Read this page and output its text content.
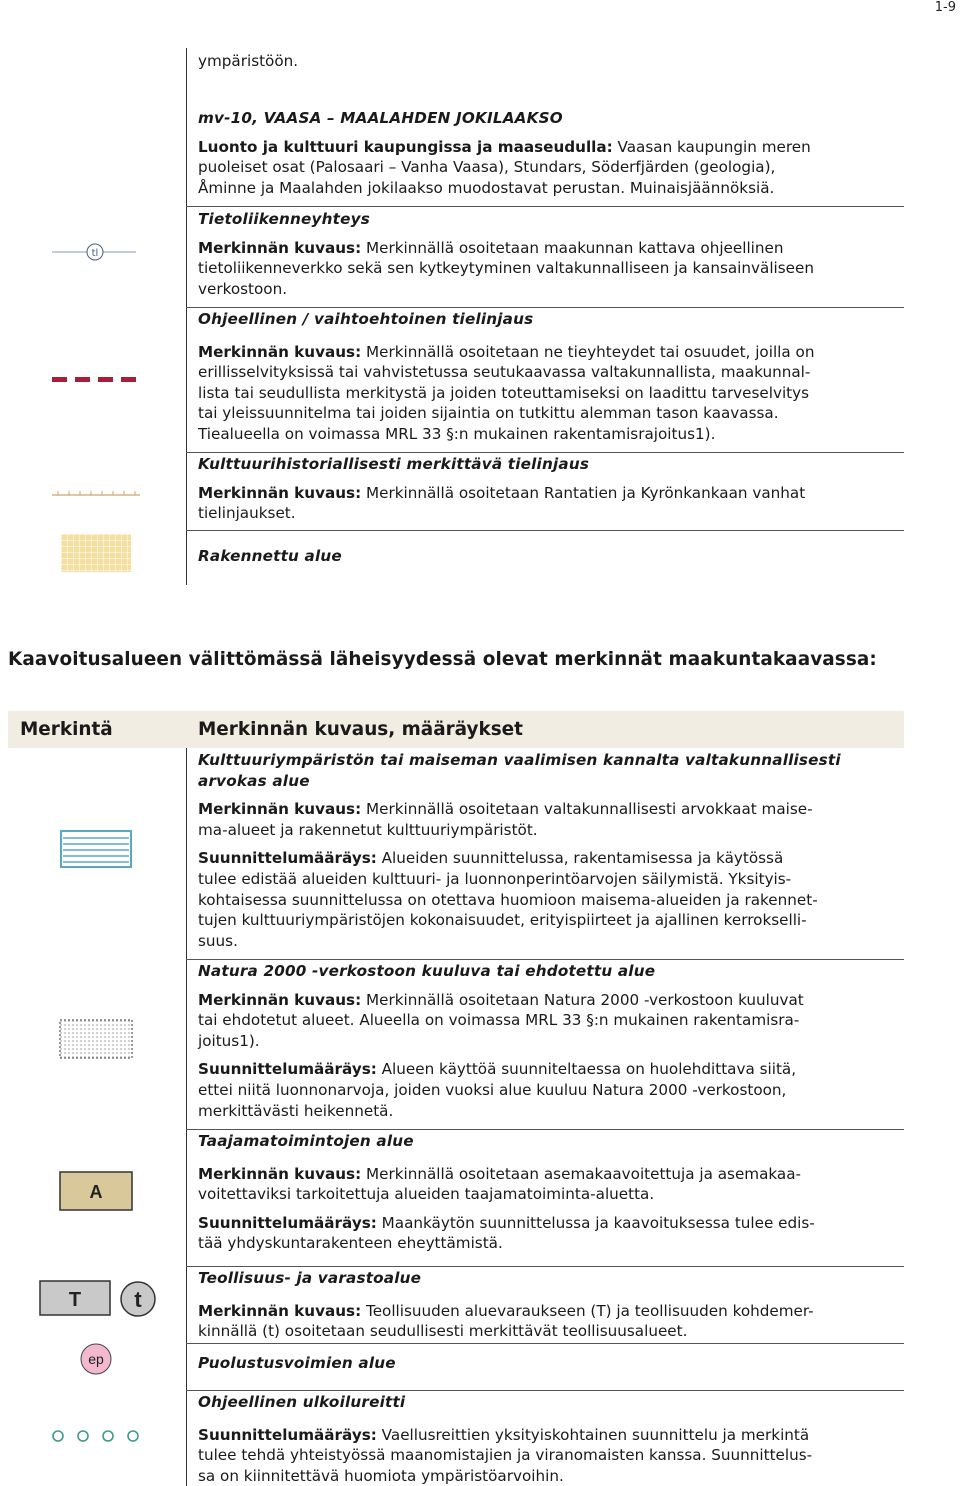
1-9
ympäristöön.
mv-10, VAASA – MAALAHDEN JOKILAAKSO
Luonto ja kulttuuri kaupungissa ja maaseudulla: Vaasan kaupungin meren
puoleiset osat (Palosaari – Vanha Vaasa), Stundars, Söderfjärden (geologia),
Åminne ja Maalahden jokilaakso muodostavat perustan. Muinaisjäännöksiä.
Tietoliikenneyhteys
Merkinnän kuvaus: Merkinnällä osoitetaan maakunnan kattava ohjeellinen
tietoliikenneverkko sekä sen kytkeytyminen valtakunnalliseen ja kansainväliseen
verkostoon.
tl
Ohjeellinen / vaihtoehtoinen tielinjaus
Merkinnän kuvaus: Merkinnällä osoitetaan ne tieyhteydet tai osuudet, joilla on
erillisselvityksissä tai vahvistetussa seutukaavassa valtakunnallista, maakunnal-
lista tai seudullista merkitystä ja joiden toteuttamiseksi on laadittu tarveselvitys
tai yleissuunnitelma tai joiden sijaintia on tutkittu alemman tason kaavassa.
Tiealueella on voimassa MRL 33 §:n mukainen rakentamisrajoitus1).
Kulttuurihistoriallisesti merkittävä tielinjaus
Merkinnän kuvaus: Merkinnällä osoitetaan Rantatien ja Kyrönkankaan vanhat
tielinjaukset.
Rakennettu alue
Kaavoitusalueen välittömässä läheisyydessä olevat merkinnät maakuntakaavassa:
Merkintä	Merkinnän kuvaus, määräykset
Kulttuuriympäristön tai maiseman vaalimisen kannalta valtakunnallisesti
arvokas alue
Merkinnän kuvaus: Merkinnällä osoitetaan valtakunnallisesti arvokkaat maise-
ma-alueet ja rakennetut kulttuuriympäristöt.
Suunnittelumääräys: Alueiden suunnittelussa, rakentamisessa ja käytössä
tulee edistää alueiden kulttuuri- ja luonnonperintöarvojen säilymistä. Yksityis-
kohtaisessa suunnittelussa on otettava huomioon maisema-alueiden ja rakennet-
tujen kulttuuriympäristöjen kokonaisuudet, erityispiirteet ja ajallinen kerrokselli-
suus.
Natura 2000 -verkostoon kuuluva tai ehdotettu alue
Merkinnän kuvaus: Merkinnällä osoitetaan Natura 2000 -verkostoon kuuluvat
tai ehdotetut alueet. Alueella on voimassa MRL 33 §:n mukainen rakentamisra-
joitus1).
Suunnittelumääräys: Alueen käyttöä suunniteltaessa on huolehdittava siitä,
ettei niitä luonnonarvoja, joiden vuoksi alue kuuluu Natura 2000 -verkostoon,
merkittävästi heikennetä.
Taajamatoimintojen alue
Merkinnän kuvaus: Merkinnällä osoitetaan asemakaavoitettuja ja asemakaa-
voitettaviksi tarkoitettuja alueiden taajamatoiminta-aluetta.
Suunnittelumääräys: Maankäytön suunnittelussa ja kaavoituksessa tulee edis-
tää yhdyskuntarakenteen eheyttämistä.
A
Teollisuus- ja varastoalue
Merkinnän kuvaus: Teollisuuden aluevaraukseen (T) ja teollisuuden kohdemer-
kinnällä (t) osoitetaan seudullisesti merkittävät teollisuusalueet.
T t
Puolustusvoimien alue
ep
Ohjeellinen ulkoilureitti
Suunnittelumääräys: Vaellusreittien yksityiskohtainen suunnittelu ja merkintä
tulee tehdä yhteistyössä maanomistajien ja viranomaisten kanssa. Suunnittelus-
sa on kiinnitettävä huomiota ympäristöarvoihin.
